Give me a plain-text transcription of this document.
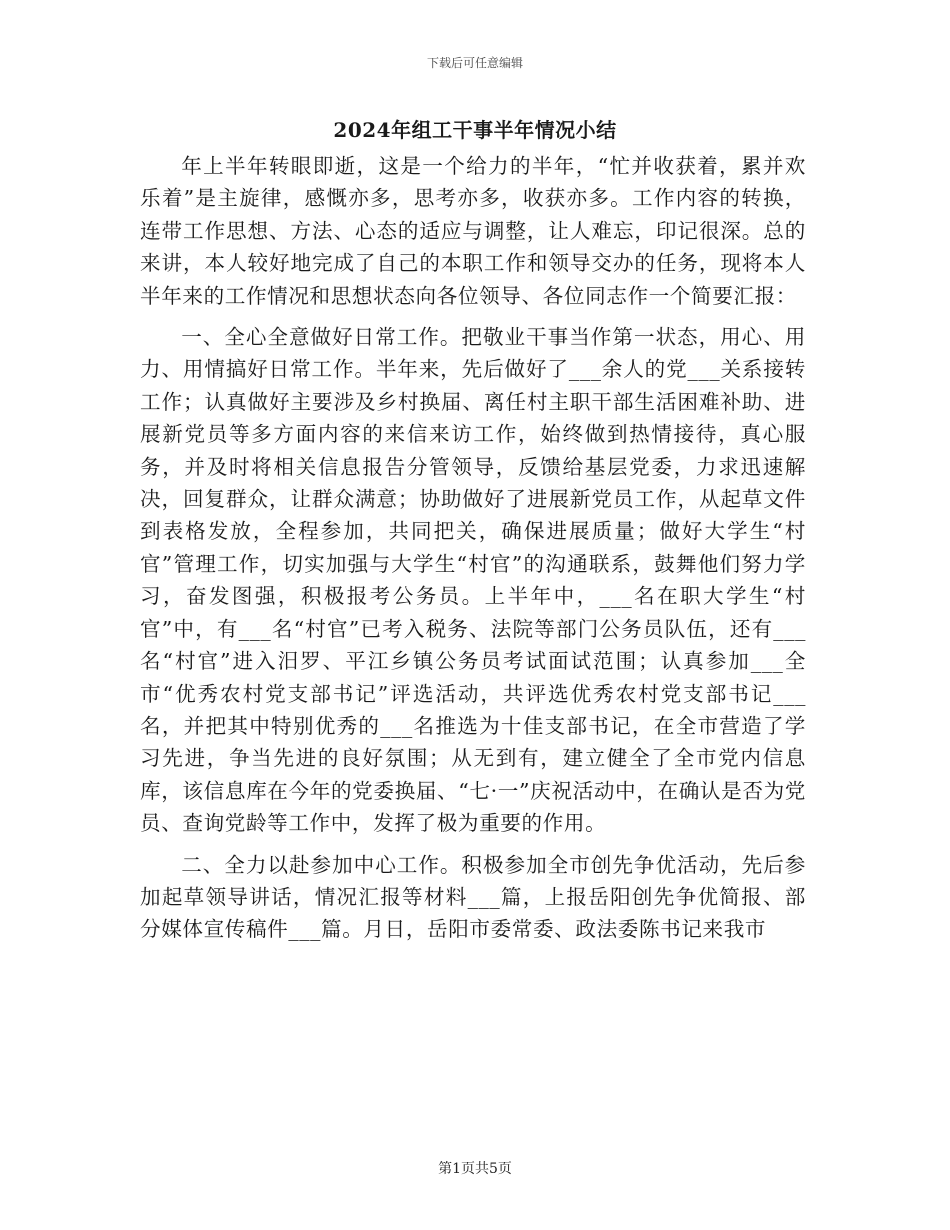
下载后可任意编辑
2024年组工干事半年情况小结

年上半年转眼即逝，这是一个给力的半年，“忙并收获着，累并欢乐着”是主旋律，感慨亦多，思考亦多，收获亦多。工作内容的转换，连带工作思想、方法、心态的适应与调整，让人难忘，印记很深。总的来讲，本人较好地完成了自己的本职工作和领导交办的任务，现将本人半年来的工作情况和思想状态向各位领导、各位同志作一个简要汇报：

一、全心全意做好日常工作。把敬业干事当作第一状态，用心、用力、用情搞好日常工作。半年来，先后做好了___余人的党___关系接转工作；认真做好主要涉及乡村换届、离任村主职干部生活困难补助、进展新党员等多方面内容的来信来访工作，始终做到热情接待，真心服务，并及时将相关信息报告分管领导，反馈给基层党委，力求迅速解决，回复群众，让群众满意；协助做好了进展新党员工作，从起草文件到表格发放，全程参加，共同把关，确保进展质量；做好大学生“村官”管理工作，切实加强与大学生“村官”的沟通联系，鼓舞他们努力学习，奋发图强，积极报考公务员。上半年中，___名在职大学生“村官”中，有___名“村官”已考入税务、法院等部门公务员队伍，还有___名“村官”进入汨罗、平江乡镇公务员考试面试范围；认真参加___全市“优秀农村党支部书记”评选活动，共评选优秀农村党支部书记___名，并把其中特别优秀的___名推选为十佳支部书记，在全市营造了学习先进，争当先进的良好氛围；从无到有，建立健全了全市党内信息库，该信息库在今年的党委换届、“七·一”庆祝活动中，在确认是否为党员、查询党龄等工作中，发挥了极为重要的作用。

二、全力以赴参加中心工作。积极参加全市创先争优活动，先后参加起草领导讲话，情况汇报等材料___篇，上报岳阳创先争优简报、部分媒体宣传稿件___篇。月日，岳阳市委常委、政法委陈书记来我市

第1页共5页
